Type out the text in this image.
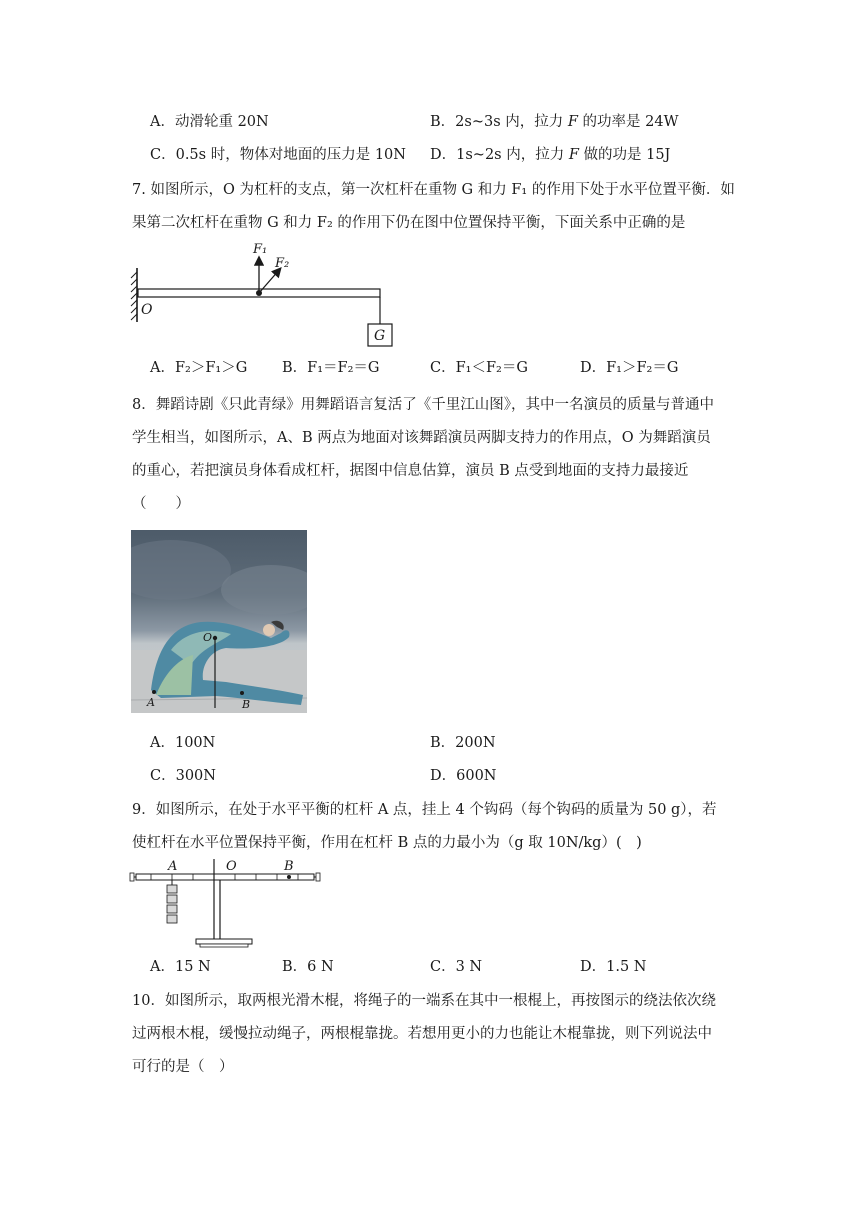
A．动滑轮重 20N	B．2s~3s 内，拉力 F 的功率是 24W
C．0.5s 时，物体对地面的压力是 10N D．1s~2s 内，拉力 F 做的功是 15J
7. 如图所示，O 为杠杆的支点，第一次杠杆在重物 G 和力 F₁ 的作用下处于水平位置平衡．如
果第二次杠杆在重物 G 和力 F₂ 的作用下仍在图中位置保持平衡，下面关系中正确的是
O
F₁
F₂
G
A．F₂＞F₁＞G B．F₁＝F₂＝G	C．F₁＜F₂＝G	D．F₁＞F₂＝G
8．舞蹈诗剧《只此青绿》用舞蹈语言复活了《千里江山图》，其中一名演员的质量与普通中
学生相当，如图所示，A、B 两点为地面对该舞蹈演员两脚支持力的作用点，O 为舞蹈演员
的重心，若把演员身体看成杠杆，据图中信息估算，演员 B 点受到地面的支持力最接近
（　　）
O
A	B
A．100N	B．200N
C．300N	D．600N
9．如图所示，在处于水平平衡的杠杆 A 点，挂上 4 个钩码（每个钩码的质量为 50 g），若
使杠杆在水平位置保持平衡，作用在杠杆 B 点的力最小为（g 取 10N/kg）(　)
A	O	B
A．15 N	B．6 N	C．3 N	D．1.5 N
10．如图所示，取两根光滑木棍，将绳子的一端系在其中一根棍上，再按图示的绕法依次绕
过两根木棍，缓慢拉动绳子，两根棍靠拢。若想用更小的力也能让木棍靠拢，则下列说法中
可行的是（　）
